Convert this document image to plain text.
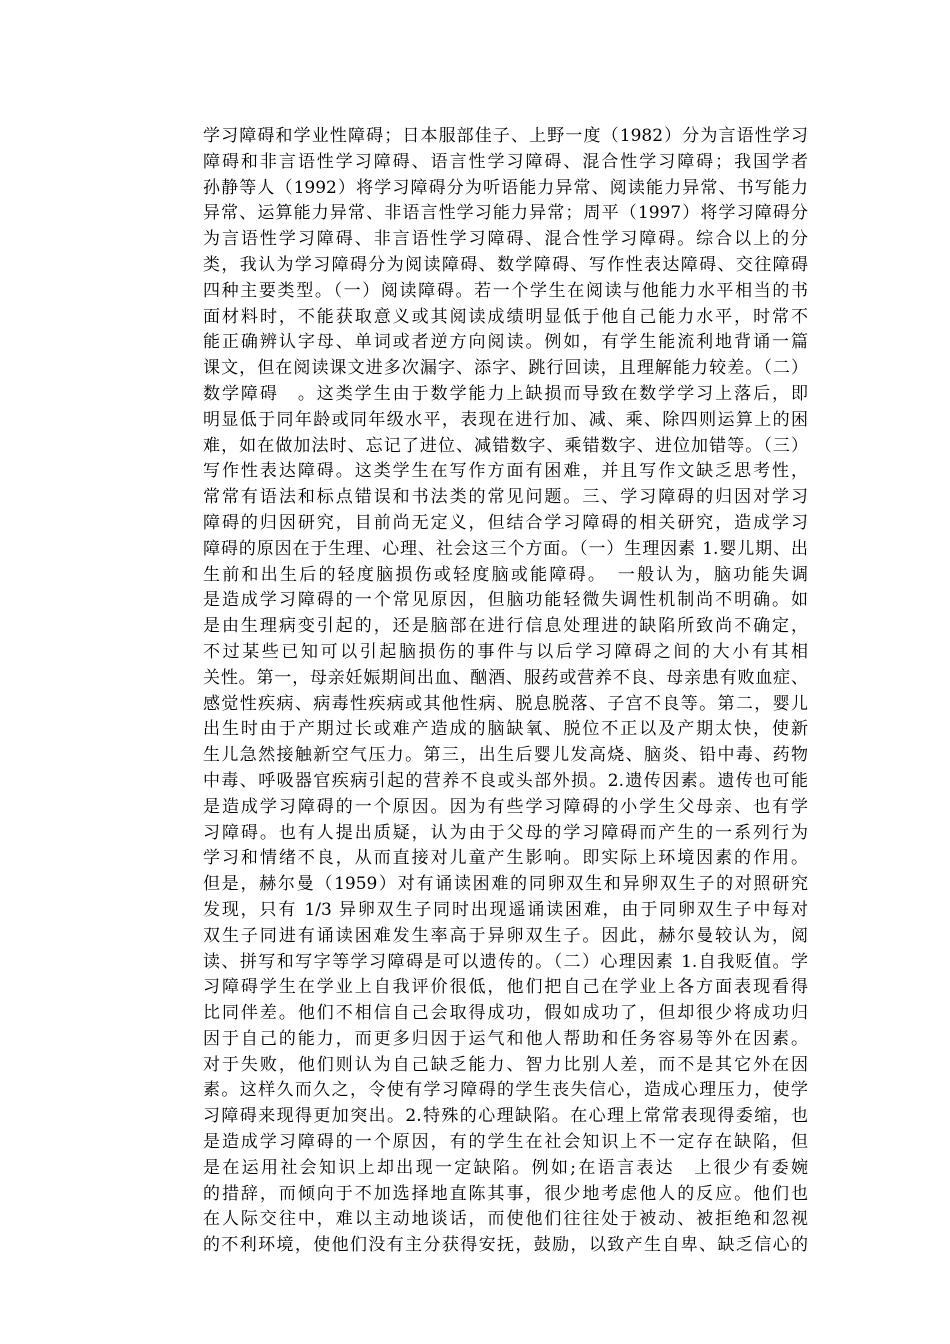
学习障碍和学业性障碍；日本服部佳子、上野一度（1982）分为言语性学习
障碍和非言语性学习障碍、语言性学习障碍、混合性学习障碍；我国学者
孙静等人（1992）将学习障碍分为听语能力异常、阅读能力异常、书写能力
异常、运算能力异常、非语言性学习能力异常；周平（1997）将学习障碍分
为言语性学习障碍、非言语性学习障碍、混合性学习障碍。综合以上的分
类，我认为学习障碍分为阅读障碍、数学障碍、写作性表达障碍、交往障碍
四种主要类型。（一）阅读障碍。若一个学生在阅读与他能力水平相当的书
面材料时，不能获取意义或其阅读成绩明显低于他自己能力水平，时常不
能正确辨认字母、单词或者逆方向阅读。例如，有学生能流利地背诵一篇
课文，但在阅读课文进多次漏字、添字、跳行回读，且理解能力较差。（二）
数学障碍　。这类学生由于数学能力上缺损而导致在数学学习上落后，即
明显低于同年龄或同年级水平，表现在进行加、减、乘、除四则运算上的困
难，如在做加法时、忘记了进位、减错数字、乘错数字、进位加错等。（三）
写作性表达障碍。这类学生在写作方面有困难，并且写作文缺乏思考性，
常常有语法和标点错误和书法类的常见问题。三、学习障碍的归因对学习
障碍的归因研究，目前尚无定义，但结合学习障碍的相关研究，造成学习
障碍的原因在于生理、心理、社会这三个方面。（一）生理因素 1.婴儿期、出
生前和出生后的轻度脑损伤或轻度脑或能障碍。　一般认为，脑功能失调
是造成学习障碍的一个常见原因，但脑功能轻微失调性机制尚不明确。如
是由生理病变引起的，还是脑部在进行信息处理进的缺陷所致尚不确定，
不过某些已知可以引起脑损伤的事件与以后学习障碍之间的大小有其相
关性。第一，母亲妊娠期间出血、酗酒、服药或营养不良、母亲患有败血症、
感觉性疾病、病毒性疾病或其他性病、脱息脱落、子宫不良等。第二，婴儿
出生时由于产期过长或难产造成的脑缺氧、脱位不正以及产期太快，使新
生儿急然接触新空气压力。第三，出生后婴儿发高烧、脑炎、铅中毒、药物
中毒、呼吸器官疾病引起的营养不良或头部外损。2.遗传因素。遗传也可能
是造成学习障碍的一个原因。因为有些学习障碍的小学生父母亲、也有学
习障碍。也有人提出质疑，认为由于父母的学习障碍而产生的一系列行为
学习和情绪不良，从而直接对儿童产生影响。即实际上环境因素的作用。
但是，赫尔曼（1959）对有诵读困难的同卵双生和异卵双生子的对照研究
发现，只有 1/3 异卵双生子同时出现遥诵读困难，由于同卵双生子中每对
双生子同进有诵读困难发生率高于异卵双生子。因此，赫尔曼较认为，阅
读、拼写和写字等学习障碍是可以遗传的。（二）心理因素 1.自我贬值。学
习障碍学生在学业上自我评价很低，他们把自己在学业上各方面表现看得
比同伴差。他们不相信自己会取得成功，假如成功了，但却很少将成功归
因于自己的能力，而更多归因于运气和他人帮助和任务容易等外在因素。
对于失败，他们则认为自己缺乏能力、智力比别人差，而不是其它外在因
素。这样久而久之，令使有学习障碍的学生丧失信心，造成心理压力，使学
习障碍来现得更加突出。2.特殊的心理缺陷。在心理上常常表现得委缩，也
是造成学习障碍的一个原因，有的学生在社会知识上不一定存在缺陷，但
是在运用社会知识上却出现一定缺陷。例如;在语言表达　上很少有委婉
的措辞，而倾向于不加选择地直陈其事，很少地考虑他人的反应。他们也
在人际交往中，难以主动地谈话，而使他们往往处于被动、被拒绝和忽视
的不利环境，使他们没有主分获得安抚，鼓励，以致产生自卑、缺乏信心的
